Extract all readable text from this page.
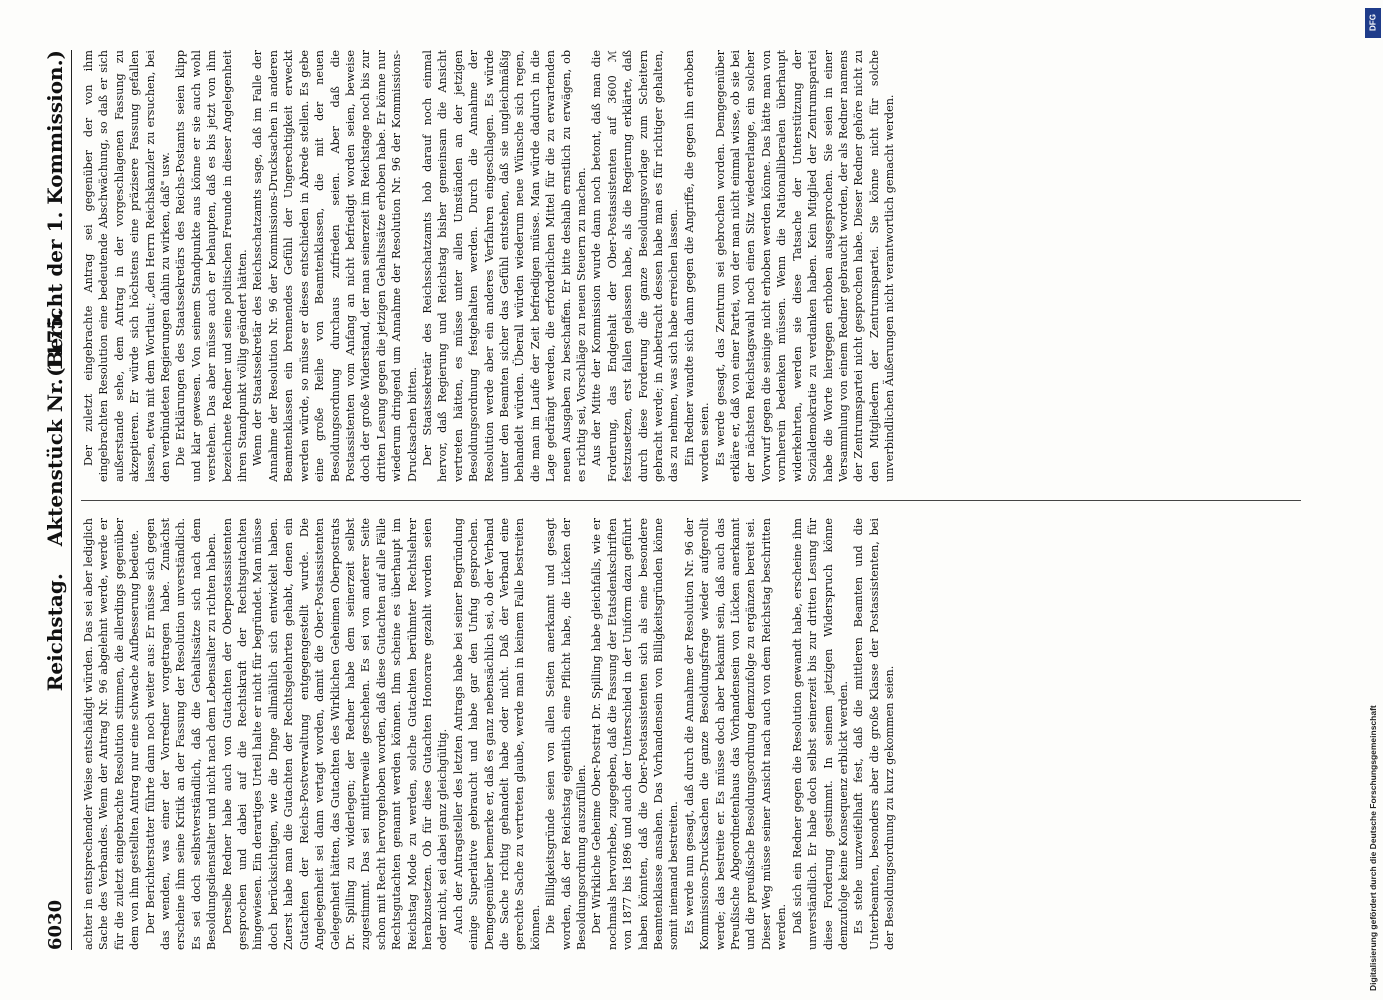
6030
Reichstag. Aktenstück Nr. 1175.
(Bericht der 1. Kommission.)

achter in entsprechender Weise entschädigt würden. Das sei aber lediglich Sache des Verbandes. Wenn der Antrag Nr. 96 abgelehnt werde, werde er für die zuletzt eingebrachte Resolution stimmen, die allerdings gegenüber dem von ihm gestellten Antrag nur eine schwache Aufbesserung bedeute. Der Berichterstatter führte dann noch weiter aus: Er müsse sich gegen das wenden, was einer der Vorredner vorgetragen habe. Zunächst erscheine ihm seine Kritik an der Fassung der Resolution unverständlich. Es sei doch selbstverständlich, daß die Gehaltssätze sich nach dem Besoldungsdienstalter und nicht nach dem Lebensalter zu richten haben. Derselbe Redner habe auch von Gutachten der Oberpostassistenten gesprochen und dabei auf die Rechtskraft der Rechtsgutachten hingewiesen. Ein derartiges Urteil halte er nicht für begründet. Man müsse doch berücksichtigen, wie die Dinge allmählich sich entwickelt haben. Zuerst habe man die Gutachten der Rechtsgelehrten gehabt, denen ein Gutachten der Reichs-Postverwaltung entgegengestellt wurde. Die Angelegenheit sei dann vertagt worden, damit die Ober-Postassistenten Gelegenheit hätten, das Gutachten des Wirklichen Geheimen Oberpostrats Dr. Spilling zu widerlegen; der Redner habe dem seinerzeit selbst zugestimmt. Das sei mittlerweile geschehen. Es sei von anderer Seite schon mit Recht hervorgehoben worden, daß diese Gutachten auf alle Fälle Rechtsgutachten genannt werden können. Ihm scheine es überhaupt im Reichstag Mode zu werden, solche Gutachten berühmter Rechtslehrer herabzusetzen. Ob für diese Gutachten Honorare gezahlt worden seien oder nicht, sei dabei ganz gleichgültig. Auch der Antragsteller des letzten Antrags habe bei seiner Begründung einige Superlative gebraucht und habe gar den Unfug gesprochen. Demgegenüber bemerke er, daß es ganz nebensächlich sei, ob der Verband die Sache richtig gehandelt habe oder nicht. Daß der Verband eine gerechte Sache zu vertreten glaube, werde man in keinem Falle bestreiten können. Die Billigkeitsgründe seien von allen Seiten anerkannt und gesagt worden, daß der Reichstag eigentlich eine Pflicht habe, die Lücken der Besoldungsordnung auszufüllen. Der Wirkliche Geheime Ober-Postrat Dr. Spilling habe gleichfalls, wie er nochmals hervorhebe, zugegeben, daß die Fassung der Etatsdenkschriften von 1877 bis 1896 und auch der Unterschied in der Uniform dazu geführt haben könnten, daß die Ober-Postassistenten sich als eine besondere Beamtenklasse ansahen. Das Vorhandensein von Billigkeitsgründen könne somit niemand bestreiten. Es werde nun gesagt, daß durch die Annahme der Resolution Nr. 96 der Kommissions-Drucksachen die ganze Besoldungsfrage wieder aufgerollt werde; das bestreite er. Es müsse doch aber bekannt sein, daß auch das Preußische Abgeordnetenhaus das Vorhandensein von Lücken anerkannt und die preußische Besoldungsordnung demzufolge zu ergänzen bereit sei. Dieser Weg müsse seiner Ansicht nach auch von dem Reichstag beschritten werden. Daß sich ein Redner gegen die Resolution gewandt habe, erscheine ihm unverständlich. Er habe doch selbst seinerzeit bis zur dritten Lesung für diese Forderung gestimmt. In seinem jetzigen Widerspruch könne demzufolge keine Konsequenz erblickt werden. Es stehe unzweifelhaft fest, daß die mittleren Beamten und die Unterbeamten, besonders aber die große Klasse der Postassistenten, bei der Besoldungsordnung zu kurz gekommen seien.

Der zuletzt eingebrachte Antrag sei gegenüber der von ihm eingebrachten Resolution eine bedeutende Abschwächung, so daß er sich außerstande sehe, dem Antrag in der vorgeschlagenen Fassung zu akzeptieren. Er würde sich höchstens eine präzisere Fassung gefallen lassen, etwa mit dem Wortlaut: „den Herrn Reichskanzler zu ersuchen, bei den verbündeten Regierungen dahin zu wirken, daß" usw. Die Erklärungen des Staatssekretärs des Reichs-Postamts seien klipp und klar gewesen. Von seinem Standpunkte aus könne er sie auch wohl verstehen. Das aber müsse auch er behaupten, daß es bis jetzt von ihm bezeichnete Redner und seine politischen Freunde in dieser Angelegenheit ihren Standpunkt völlig geändert hätten. Wenn der Staatssekretär des Reichsschatzamts sage, daß im Falle der Annahme der Resolution Nr. 96 der Kommissions-Drucksachen in anderen Beamtenklassen ein brennendes Gefühl der Ungerechtigkeit erweckt werden würde, so müsse er dieses entschieden in Abrede stellen. Es gebe eine große Reihe von Beamtenklassen, die mit der neuen Besoldungsordnung durchaus zufrieden seien. Aber daß die Postassistenten vom Anfang an nicht befriedigt worden seien, beweise doch der große Widerstand, der man seinerzeit im Reichstage noch bis zur dritten Lesung gegen die jetzigen Gehaltssätze erhoben habe. Er könne nur wiederum dringend um Annahme der Resolution Nr. 96 der Kommissions-Drucksachen bitten. Der Staatssekretär des Reichsschatzamts hob darauf noch einmal hervor, daß Regierung und Reichstag bisher gemeinsam die Ansicht vertreten hätten, es müsse unter allen Umständen an der jetzigen Besoldungsordnung festgehalten werden. Durch die Annahme der Resolution werde aber ein anderes Verfahren eingeschlagen. Es würde unter den Beamten sicher das Gefühl entstehen, daß sie ungleichmäßig behandelt würden. Überall würden wiederum neue Wünsche sich regen, die man im Laufe der Zeit befriedigen müsse. Man würde dadurch in die Lage gedrängt werden, die erforderlichen Mittel für die zu erwartenden neuen Ausgaben zu beschaffen. Er bitte deshalb ernstlich zu erwägen, ob es richtig sei, Vorschläge zu neuen Steuern zu machen. Aus der Mitte der Kommission wurde dann noch betont, daß man die Forderung, das Endgehalt der Ober-Postassistenten auf 3600 ℳ festzusetzen, erst fallen gelassen habe, als die Regierung erklärte, daß durch diese Forderung die ganze Besoldungsvorlage zum Scheitern gebracht werde; in Anbetracht dessen habe man es für richtiger gehalten, das zu nehmen, was sich habe erreichen lassen. Ein Redner wandte sich dann gegen die Angriffe, die gegen ihn erhoben worden seien. Es werde gesagt, das Zentrum sei gebrochen worden. Demgegenüber erkläre er, daß von einer Partei, von der man nicht einmal wisse, ob sie bei der nächsten Reichstagswahl noch einen Sitz wiedererlange, ein solcher Vorwurf gegen die seinige nicht erhoben werden könne. Das hätte man von vornherein bedenken müssen. Wenn die Nationalliberalen überhaupt widerkehrten, werden sie diese Tatsache der Unterstützung der Sozialdemokratie zu verdanken haben. Kein Mitglied der Zentrumspartei habe die Worte hiergegen erhoben ausgesprochen. Sie seien in einer Versammlung von einem Redner gebraucht worden, der als Redner namens der Zentrumspartei nicht gesprochen habe. Dieser Redner gehöre nicht zu den Mitgliedern der Zentrumspartei. Sie könne nicht für solche unverbindlichen Äußerungen nicht verantwortlich gemacht werden.

DFG
Digitalisierung gefördert durch die Deutsche Forschungsgemeinschaft
